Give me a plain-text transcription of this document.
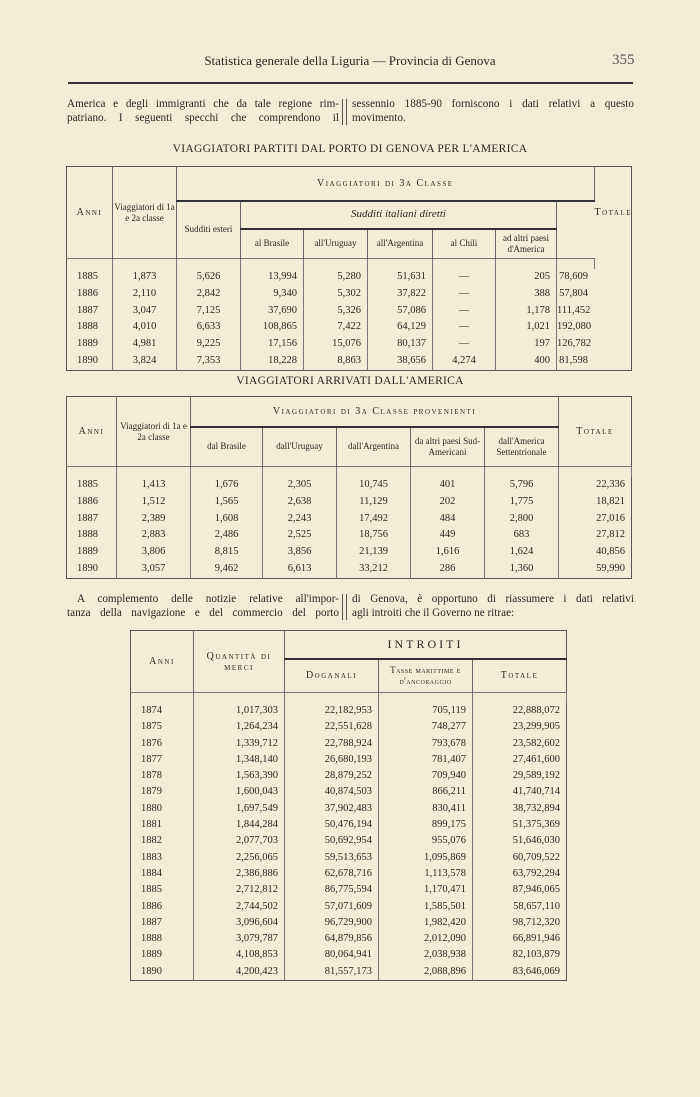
Statistica generale della Liguria — Provincia di Genova	355
America e degli immigranti che da tale regione rim-
patriano. I seguenti specchi che comprendono il
sessennio 1885-90 forniscono i dati relativi a questo
movimento.
VIAGGIATORI PARTITI DAL PORTO DI GENOVA PER L'AMERICA
Anni	Viaggiatori di 1a e 2a classe	Viaggiatori di 3a Classe							Totale
		Sudditi esteri	Sudditi italiani diretti						
			al Brasile	all'Uruguay	all'Argentina	al Chili	ad altri paesi d'America		

1885	1,873	5,626	13,994	5,280	51,631	—	205	78,609	
1886	2,110	2,842	9,340	5,302	37,822	—	388	57,804	
1887	3,047	7,125	37,690	5,326	57,086	—	1,178	111,452	
1888	4,010	6,633	108,865	7,422	64,129	—	1,021	192,080	
1889	4,981	9,225	17,156	15,076	80,137	—	197	126,782	
1890	3,824	7,353	18,228	8,863	38,656	4,274	400	81,598	
VIAGGIATORI ARRIVATI DALL'AMERICA
Anni	Viaggiatori di 1a e 2a classe	Viaggiatori di 3a Classe provenienti					Totale
		dal Brasile	dall'Uruguay	dall'Argentina	da altri paesi Sud-Americani	dall'America Settentrionale	

1885	1,413	1,676	2,305	10,745	401	5,796	22,336
1886	1,512	1,565	2,638	11,129	202	1,775	18,821
1887	2,389	1,608	2,243	17,492	484	2,800	27,016
1888	2,883	2,486	2,525	18,756	449	683	27,812
1889	3,806	8,815	3,856	21,139	1,616	1,624	40,856
1890	3,057	9,462	6,613	33,212	286	1,360	59,990
A complemento delle notizie relative all'impor-
tanza della navigazione e del commercio del porto
di Genova, è opportuno di riassumere i dati relativi
agli introiti che il Governo ne ritrae:
Anni	Quantità di merci	INTROITI		
		Doganali	Tasse marittime e d'ancoraggio	Totale

1874	1,017,303	22,182,953	705,119	22,888,072
1875	1,264,234	22,551,628	748,277	23,299,905
1876	1,339,712	22,788,924	793,678	23,582,602
1877	1,348,140	26,680,193	781,407	27,461,600
1878	1,563,390	28,879,252	709,940	29,589,192
1879	1,600,043	40,874,503	866,211	41,740,714
1880	1,697,549	37,902,483	830,411	38,732,894
1881	1,844,284	50,476,194	899,175	51,375,369
1882	2,077,703	50,692,954	955,076	51,646,030
1883	2,256,065	59,513,653	1,095,869	60,709,522
1884	2,386,886	62,678,716	1,113,578	63,792,294
1885	2,712,812	86,775,594	1,170,471	87,946,065
1886	2,744,502	57,071,609	1,585,501	58,657,110
1887	3,096,604	96,729,900	1,982,420	98,712,320
1888	3,079,787	64,879,856	2,012,090	66,891,946
1889	4,108,853	80,064,941	2,038,938	82,103,879
1890	4,200,423	81,557,173	2,088,896	83,646,069
